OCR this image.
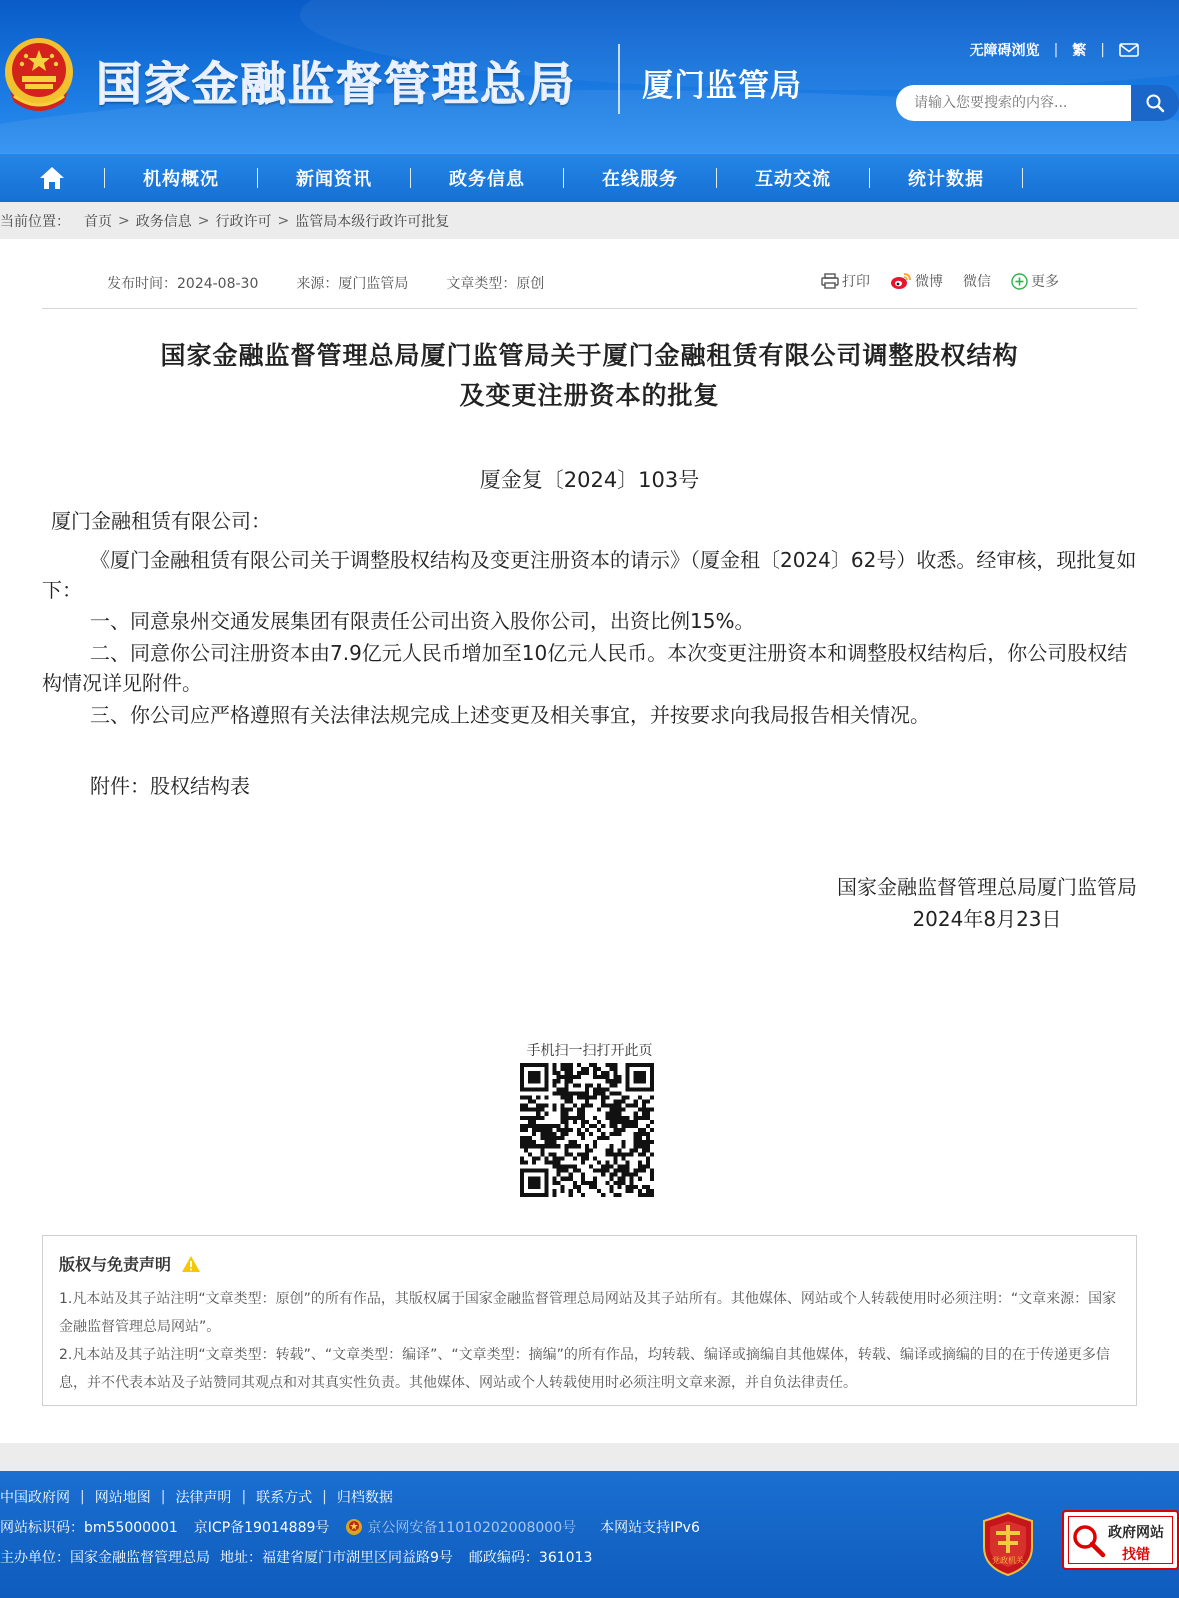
国家金融监督管理总局 厦门监管局
无障碍浏览 | 繁 |
请输入您要搜索的内容...
机构概况	新闻资讯	政务信息	在线服务	互动交流	统计数据
当前位置： 首页 > 政务信息 > 行政许可 > 监管局本级行政许可批复
发布时间：2024-08-30	来源：厦门监管局	文章类型：原创	打印	微博 微信	更多
国家金融监督管理总局厦门监管局关于厦门金融租赁有限公司调整股权结构
及变更注册资本的批复
厦金复〔2024〕103号
厦门金融租赁有限公司：
《厦门金融租赁有限公司关于调整股权结构及变更注册资本的请示》（厦金租〔2024〕62号）收悉。经审核，现批复如下：
一、同意泉州交通发展集团有限责任公司出资入股你公司，出资比例15%。
二、同意你公司注册资本由7.9亿元人民币增加至10亿元人民币。本次变更注册资本和调整股权结构后，你公司股权结构情况详见附件。
三、你公司应严格遵照有关法律法规完成上述变更及相关事宜，并按要求向我局报告相关情况。
附件：股权结构表
国家金融监督管理总局厦门监管局
2024年8月23日
手机扫一扫打开此页
版权与免责声明
1.凡本站及其子站注明“文章类型：原创”的所有作品，其版权属于国家金融监督管理总局网站及其子站所有。其他媒体、网站或个人转载使用时必须注明：“文章来源：国家金融监督管理总局网站”。
2.凡本站及其子站注明“文章类型：转载”、“文章类型：编译”、“文章类型：摘编”的所有作品，均转载、编译或摘编自其他媒体，转载、编译或摘编的目的在于传递更多信息，并不代表本站及子站赞同其观点和对其真实性负责。其他媒体、网站或个人转载使用时必须注明文章来源，并自负法律责任。
中国政府网 | 网站地图 | 法律声明 | 联系方式 | 归档数据
网站标识码：bm55000001 京ICP备19014889号	京公网安备11010202008000号 本网站支持IPv6
主办单位：国家金融监督管理总局 地址：福建省厦门市湖里区同益路9号 邮政编码：361013	党政机关
政府网站
找错
